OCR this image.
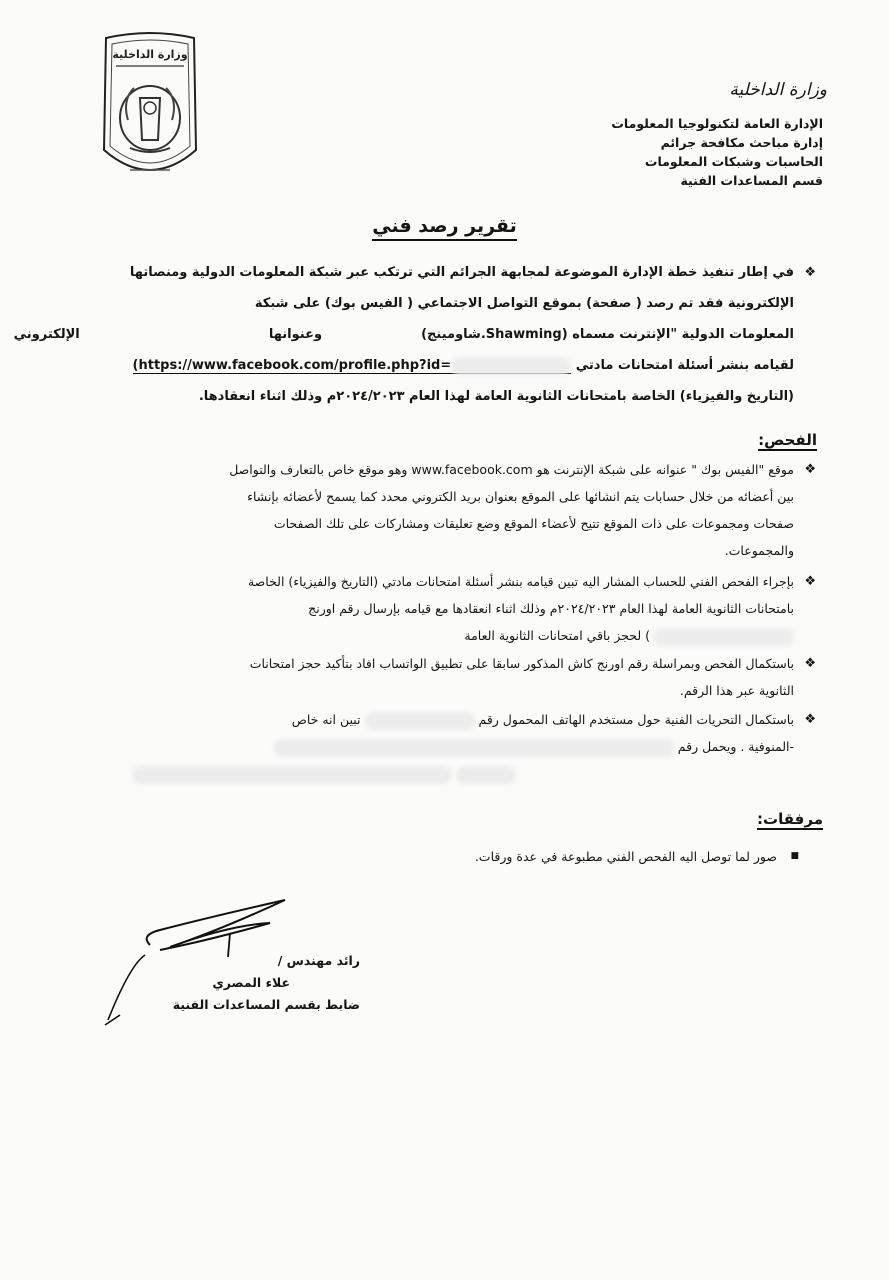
وزارة الداخلية
وزارة الداخلية
الإدارة العامة لتكنولوجيا المعلومات
إدارة مباحث مكافحة جرائم
الحاسبات وشبكات المعلومات
قسم المساعدات الفنية
تقرير رصد فني
❖
في إطار تنفيذ خطة الإدارة الموضوعة لمجابهة الجرائم التي ترتكب عبر شبكة المعلومات الدولية ومنصاتها
الإلكترونية فقد تم رصد ( صفحة) بموقع التواصل الاجتماعي ( الفيس بوك) على شبكة
المعلومات الدولية "الإنترنت مسماه (Shawming.شاومينج)  وعنوانها  الإلكتروني
لقيامه بنشر أسئلة امتحانات مادتي (https://www.facebook.com/profile.php?id=
(التاريخ والفيزياء) الخاصة بامتحانات الثانوية العامة لهذا العام ٢٠٢٤/٢٠٢٣م وذلك اثناء انعقادها.
الفحص:
❖
موقع "الفيس بوك " عنوانه على شبكة الإنترنت هو www.facebook.com وهو موقع خاص بالتعارف والتواصل
بين أعضائه من خلال حسابات يتم انشائها على الموقع بعنوان بريد الكتروني محدد كما يسمح لأعضائه بإنشاء
صفحات ومجموعات على ذات الموقع تتيح لأعضاء الموقع وضع تعليقات ومشاركات على تلك الصفحات
والمجموعات.
❖
بإجراء الفحص الفني للحساب المشار اليه تبين قيامه بنشر أسئلة امتحانات مادتي (التاريخ والفيزياء) الخاصة
بامتحانات الثانوية العامة لهذا العام ٢٠٢٤/٢٠٢٣م وذلك اثناء انعقادها مع قيامه بإرسال رقم اورنج
) لحجز باقي امتحانات الثانوية العامة
❖
باستكمال الفحص وبمراسلة رقم اورنج كاش المذكور سابقا على تطبيق الواتساب افاد بتأكيد حجز امتحانات
الثانوية عبر هذا الرقم.
❖
باستكمال التحريات الفنية حول مستخدم الهاتف المحمول رقم  تبين انه خاص
-المنوفية . ويحمل رقم

مرفقات:
■
صور لما توصل اليه الفحص الفني مطبوعة في عدة ورقات.
رائد مهندس /
علاء المصري
ضابط بقسم المساعدات الفنية
